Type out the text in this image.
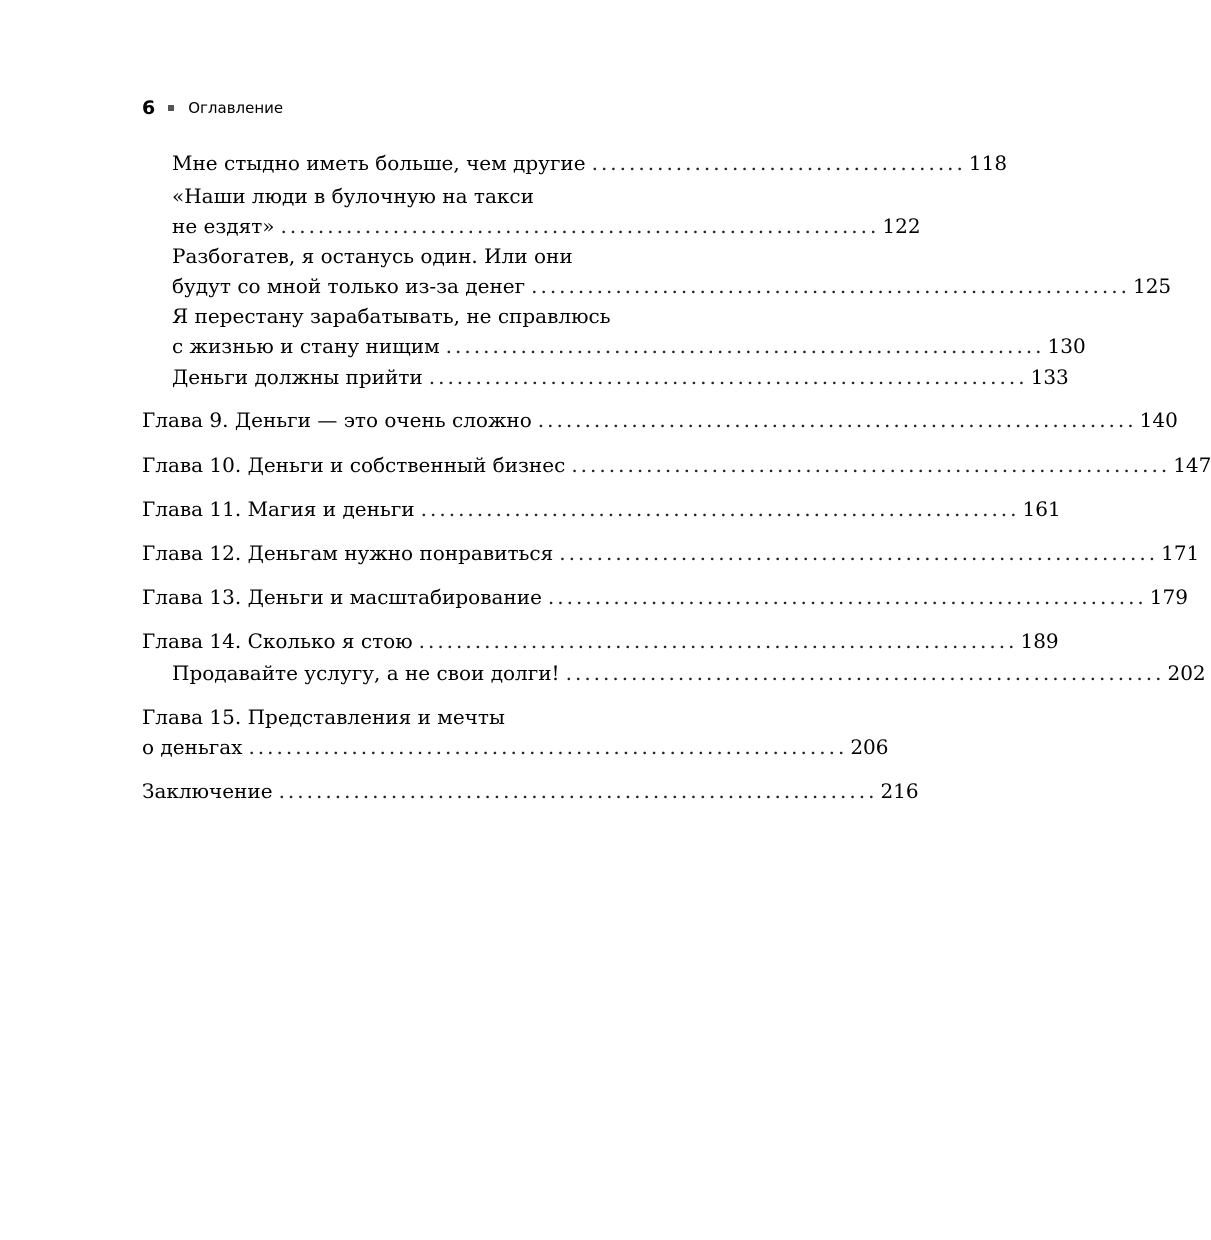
6 Оглавление
Мне стыдно иметь больше, чем другие ........................................ 118
«Наши люди в булочную на такси
не ездят» ................................................................ 122
Разбогатев, я останусь один. Или они
будут со мной только из-за денег ................................................................ 125
Я перестану зарабатывать, не справлюсь
с жизнью и стану нищим ................................................................ 130
Деньги должны прийти ................................................................ 133
Глава 9. Деньги — это очень сложно ................................................................ 140
Глава 10. Деньги и собственный бизнес ................................................................ 147
Глава 11. Магия и деньги ................................................................ 161
Глава 12. Деньгам нужно понравиться ................................................................ 171
Глава 13. Деньги и масштабирование ................................................................ 179
Глава 14. Сколько я стою ................................................................ 189
Продавайте услугу, а не свои долги! ................................................................ 202
Глава 15. Представления и мечты
о деньгах ................................................................ 206
Заключение ................................................................ 216
